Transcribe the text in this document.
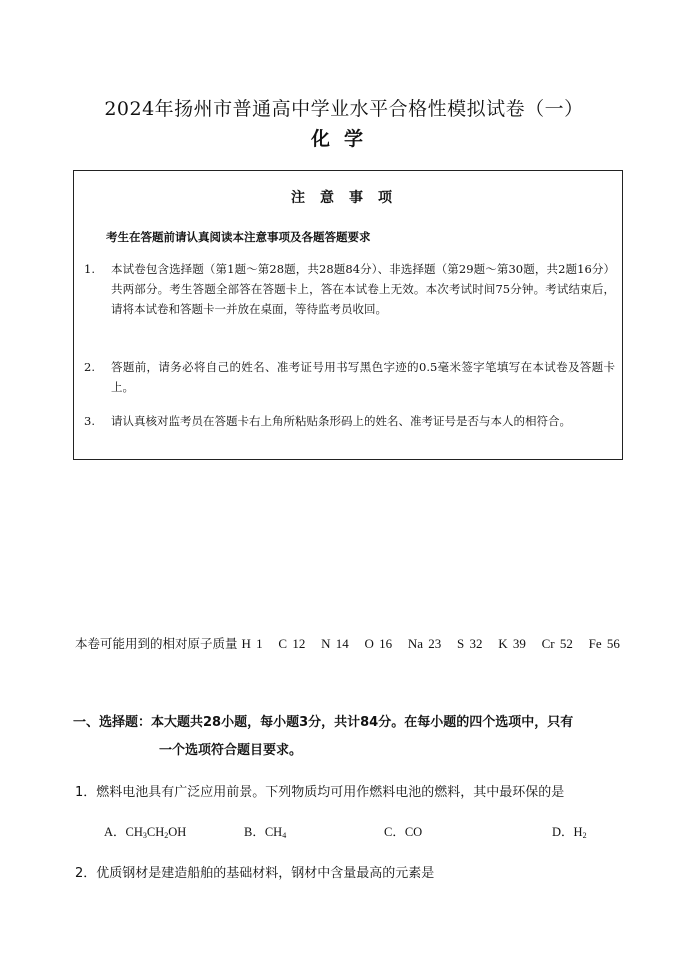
2024年扬州市普通高中学业水平合格性模拟试卷（一）
化学
注意事项
考生在答题前请认真阅读本注意事项及各题答题要求
1. 本试卷包含选择题（第1题～第28题，共28题84分）、非选择题（第29题～第30题，共2题16分）共两部分。考生答题全部答在答题卡上，答在本试卷上无效。本次考试时间75分钟。考试结束后，请将本试卷和答题卡一并放在桌面，等待监考员收回。
2. 答题前，请务必将自己的姓名、准考证号用书写黑色字迹的0.5毫米签字笔填写在本试卷及答题卡上。
3. 请认真核对监考员在答题卡右上角所粘贴条形码上的姓名、准考证号是否与本人的相符合。
本卷可能用到的相对原子质量 H 1   C 12   N 14   O 16   Na 23   S 32   K 39   Cr 52   Fe 56
一、选择题：本大题共28小题，每小题3分，共计84分。在每小题的四个选项中，只有
一个选项符合题目要求。
1．燃料电池具有广泛应用前景。下列物质均可用作燃料电池的燃料，其中最环保的是
A．$CH_3CH_2OH$	B．$CH_4$	C．CO	D．$H_2$
2．优质钢材是建造船舶的基础材料，钢材中含量最高的元素是
